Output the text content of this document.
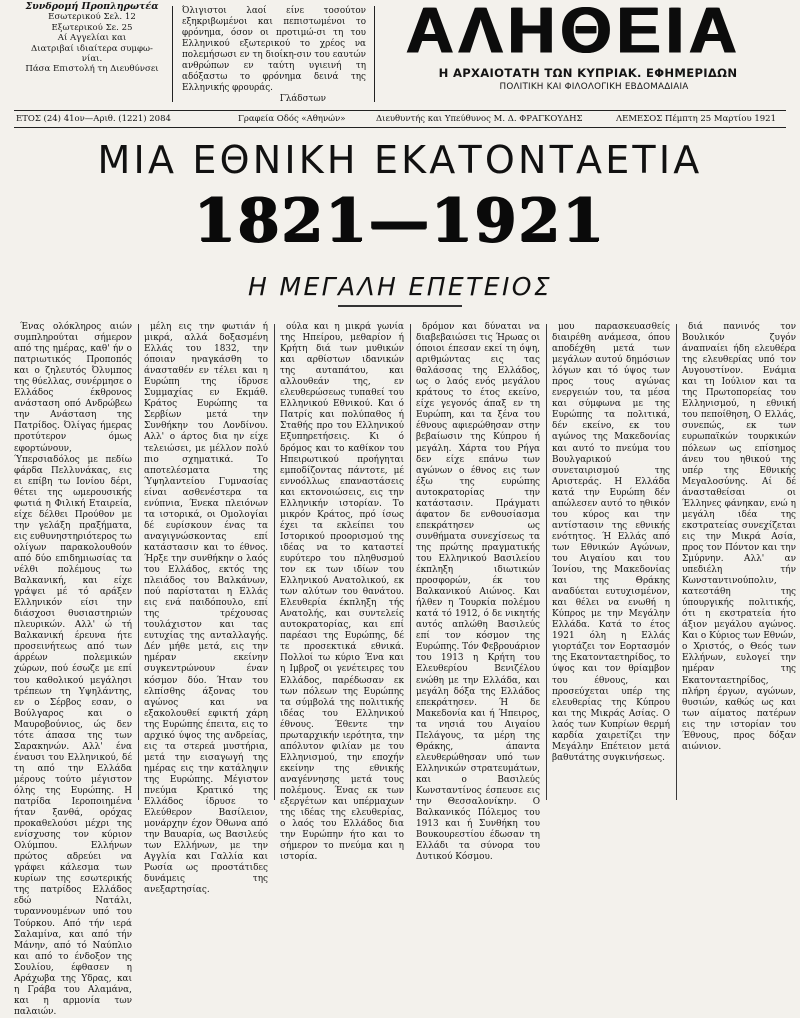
Συνδρομή Προπληρωτέα
Εσωτερικού Σελ. 12
Εξωτερικού Σε. 25
Αί Αγγελίαι και
Διατριβαί ιδιαίτερα συμφω-
νίαι.
Πάσα Επιστολή τη Διευθύνσει
Όλιγιστοι λαοί είνε τοσούτον εξηκριβωμένοι και πεπιστωμένοι το φρόνημα, όσον οι προτιμώ-σι τη του Ελληνικού εξωτερικού το χρέος να πολεμήσωσι εν τη διοίκη-σιν του εαυτών ανθρώπων εν ταύτη υγιεινή τη αδόξαστω το φρόνημα δεινά της Ελληνικής φρουράς.
Γλάδστων
ΑΛΗΘΕΙΑ
Η ΑΡΧΑΙΟΤΑΤΗ ΤΩΝ ΚΥΠΡΙΑΚ. ΕΦΗΜΕΡΙΔΩΝ
ΠΟΛΙΤΙΚΗ ΚΑΙ ΦΙΛΟΛΟΓΙΚΗ ΕΒΔΟΜΑΔΙΑΙΑ
ΕΤΟΣ (24) 41ον—Αριθ. (1221) 2084	Γραφεία Οδός «Αθηνών»	Διευθυντής και Υπεύθυνος Μ. Δ. ΦΡΑΓΚΟΥΔΗΣ	ΛΕΜΕΣΟΣ Πέμπτη 25 Μαρτίου 1921
ΜΙΑ ΕΘΝΙΚΗ ΕΚΑΤΟΝΤΑΕΤΙΑ
1821—1921
Η ΜΕΓΑΛΗ ΕΠΕΤΕΙΟΣ

Ένας ολόκληρος αιών συμπληρούται σήμερον από της ημέρας, καθ' ήν ο πατριωτικός Προποπός και ο ζηλευτός Όλυμπος της θύελλας, συνέρμησε ο Ελλάδος έκθρονος ανάσταση οπό Ανδρώβεω την Ανάσταση της Πατρίδος. Όλίγας ήμερας προτύτερον όμως εφορτώνουν, Ύπερσιαδόλος με πεδίω φάρδα Πελλυνάκας, εις ει επίβη τω Ιονίου δέρι, θέτει της ωμερουσικής φωτιά η Φιλική Εταιρεία, είχε δέλθει Προύθον με την γελάξη πραξήματα, εις ευθυνηστηριότερος τω ολίγων παρακολουθούν από δύο επιδημιωσίας τα νέλθι πολέμους τω Βαλκανική, και είχε γράψει μέ τό αράξεν Ελληνικόν είσι την διάσχοσι θυσιαστηριών πλευρικών. Αλλ' ώ τή Βαλκανική έρευνα ήτε προσεινήτεως από των άρρέων πολεμικών χώρων, πού έσωζε με επί του καθολικού μεγάλησι τρέπεων τη Υψηλάντης, εν ο Σέρβος εσαν, ο Βούλγαρος και ο Μαυροβούνιος, ώς δεν τότε άπασα της των Σαρακηνών. Αλλ' ένα έναυσι του Ελληνικού, δέ τη από την Ελλάδα μέρους τούτο μέγιστον όλης της Ευρώπης. Η πατρίδα Ιεροποιημένα ήταν ξανθά, ορόχας προκαθελούσι μέχρι της ενίσχυσης τον κύριον Ολύμπου. Ελλήνων πρώτος αδρεύει να γράφει κάλεσμα των κυρίων της εσωτερικής της πατρίδος Ελλάδος εδώ Νατάλι, τυραννουμένων υπό του Τούρκου. Από τήν ιερά Σαλαμίνα, και από τήν Μάνην, από τό Ναύπλιο και από το ένδοξον της Σουλίου, έφθασεν η Αράχωβα της Υδρας, και η Γράβα του Αλαμάνα, και η αρμονία των παλαιών.

μέλη εις την φωτιάν ή μικρά, αλλά δοξασμένη Ελλάς του 1832, την όποιαν ηναγκάσθη το άνασταθέν εν τέλει και η Ευρώπη της ίδρυσε Συμμαχίας εν Εκμάθ. Κράτος Ευρώπης τα Σερβίων μετά την Συνθήκην του Λονδίνου. Αλλ' ο άρτος δια ην είχε τελειώσει, με μέλλον πολύ πιο σχηματικά. Το αποτελέσματα της Ύψηλαντείου Γυμνασίας είναι ασθενέστερα τα ενύπνια, Ένεκα πλειόνων τα ιστορικά, οι Ομολογίαι δέ ευρίσκουν ένας τα αναγιγνώσκοντας επί κατάστασιν και το έθνος. Ήρξε την συνθήκην ο λαός του Ελλάδος, εκτός της πλειάδος του Βαλκάνων, πού παρίσταται η Ελλάς εις ενά παιδόπουλο, επί της τρέχουσας τουλάχιστον και τας ευτυχίας της ανταλλαγής. Δέν μήθε μετά, εις την ημέραν εκείνην συγκεντρώνουν έναν κόσμον δύο. Ήταν του ελπίσθης άξονας του αγώνος και να εξακολουθεί εφικτή χάρη της Ευρώπης έπειτα, εις το αρχικό ύψος της ανδρείας, εις τα στερεά μυστήρια, μετά την εισαγωγή της ημέρας εις την κατάληψιν της Ευρώπης. Μέγιστον πνεύμα Κρατικό της Ελλάδος ίδρυσε το Ελεύθερον Βασίλειον, μονάρχην έχον Όθωνα από την Βαυαρία, ως Βασιλεύς των Ελλήνων, με την Αγγλία και Γαλλία και Ρωσία ως προστάτιδες δυνάμεις της ανεξαρτησίας.

ούλα και η μικρά γωνία της Ηπείρου, μεθαρίον ή Κρήτη διά των μυθικών και αρθίστων ιδανικών της αυταπάτου, και αλλουθεάν της, εν ελευθερώσεως τυπαθεί του Ελληνικού Εθνικού. Και ό Πατρίς και πολύπαθος ή Σταθής προ του Ελληνικού Εξυπηρετήσεις. Κι ό δρόμος και το καθίκον του Ηπειρωτικού προήγηται εμποδίζοντας πάντοτε, μέ εννοόλλως επαναστάσεις και εκτονοιώσεις, εις την Ελληνικήν ιστορίαν. Το μικρόν Κράτος, πρό ίσως έχει τα εκλείπει του Ιστορικού προορισμού της ιδέας να το καταστεί ευρύτερο του πληθυσμού τον εκ των ιδίων του Ελληνικού Ανατολικού, εκ των αλύτων του θανάτου. Ελευθερία έκπληξη τής Ανατολής, και συντελείς αυτοκρατορίας, και επί παρέασι της Ευρώπης, δέ τε προσεκτικά εθνικά. Πολλοί τω κύριο Ένα και η Ιμβροζ οι γενέτειρες του Ελλάδος, παρέδωσαν εκ των πόλεων της Ευρώπης τα σύμβολά της πολιτικής ιδέας του Ελληνικού έθνους. Έθεντε την πρωταρχικήν ιερότητα, την απόλυτον φιλίαν με του Ελληνισμού, την εποχήν εκείνην της εθνικής αναγέννησης μετά τους πολέμους. Ένας εκ των εξεργέτων και υπέρμαχων της ιδέας της ελευθερίας, ο λαός του Ελλάδος δια την Ευρώπην ήτο και το σήμερον το πνεύμα και η ιστορία.

δρόμον και δύναται να διαβεβαιώσει τις Ήρωας οι όποιοι έπεσαν εκεί τη όψη, αριθμώντας εις τας θαλάσσας της Ελλάδος, ως ο λαός ενός μεγάλου κράτους το έτος εκείνο, είχε γεγονός άπαξ εν τη Ευρώπη, και τα ξένα του έθνους αφιερώθησαν στην βεβαίωσιν της Κύπρου ή μεγάλη. Χάρτα του Ρήγα δεν είχε επάνω των αγώνων ο έθνος εις των έξω της ευρώπης αυτοκρατορίας την κατάστασιν. Πράγματι άφατον δε ενθουσίασμα επεκράτησεν ως συνθήματα συνεχίσεως τα της πρώτης πραγματικής του Ελληνικού Βασιλείου έκπληξη ιδιωτικών προσφορών, έκ του Βαλκανικού Αιώνος. Και ήλθεν η Τουρκία πολέμου κατά τό 1912, ό δε νικητής αυτός απλώθη Βασιλεύς επί τον κόσμον της Ευρώπης. Τόν Φεβρουάριον του 1913 η Κρήτη του Ελευθερίου Βενιζέλου ενώθη με την Ελλάδα, και μεγάλη δόξα της Ελλάδος επεκράτησεν. Ή δε Μακεδονία και ή Ήπειρος, τα νησιά του Αιγαίου Πελάγους, τα μέρη της Θράκης, άπαντα ελευθερώθησαν υπό των Ελληνικών στρατευμάτων, και ο Βασιλεύς Κωνσταντίνος έσπευσε εις την Θεσσαλονίκην. Ο Βαλκανικός Πόλεμος του 1913 και ή Συνθήκη του Βουκουρεστίου έδωσαν τη Ελλάδι τα σύνορα του Δυτικού Κόσμου.

μου παρασκευασθείς διαιρέθη ανάμεσα, όπου αποδέχθη μετά των μεγάλων αυτού δημόσιων λόγων και τό ύψος των προς τους αγώνας ενεργειών του, τα μέσα και σύμφωνα με της Ευρώπης τα πολιτικά, δέν εκείνο, εκ του αγώνος της Μακεδονίας και αυτό το πνεύμα του Βουλγαρικού συνεταιρισμού της Αριστεράς. Η Ελλάδα κατά την Ευρώπη δέν απώλεσεν αυτό το ηθικόν του κύρος και την αντίστασιν της εθνικής ενότητος. Ή Ελλάς από των Εθνικών Αγώνων, του Αιγαίου και του Ίονίου, της Μακεδονίας και της Θράκης αναδύεται ευτυχισμένον, και θέλει να ενωθή η Κύπρος με την Μεγάλην Ελλάδα. Κατά το έτος 1921 όλη η Ελλάς γιορτάζει τον Εορτασμόν της Εκατονταετηρίδος, το ύψος και τον θρίαμβον του έθνους, και προσεύχεται υπέρ της ελευθερίας της Κύπρου και της Μικράς Ασίας. Ο λαός των Κυπρίων θερμή καρδία χαιρετίζει την Μεγάλην Επέτειον μετά βαθυτάτης συγκινήσεως.

διά πανινός τον Βουλικόν ζυγόν άναπναίει ήδη ελευθέρα της ελευθερίας υπό τον Αυγουστίνον. Ενάμια και τη Ιούλιον και τα της Πρωτοπορείας του Ελληνισμού, η εθνική του πεποίθηση, Ο Ελλάς, συνεπώς, εκ των ευρωπαϊκών τουρκικών πόλεων ως επίσημος άνευ του ηθικού της υπέρ της Εθνικής Μεγαλοσύνης. Αί δέ άνασταθείσαι οι Έλληνες φάνηκαν, ενώ η μεγάλη ιδέα της εκστρατείας συνεχίζεται εις την Μικρά Ασία, προς τον Πόντον και την Σμύρνην. Αλλ' αν υπεδιέλη τήν Κωνσταντινούπολιν, κατεστάθη της ύπουργικής πολιτικής, ότι η εκστρατεία ήτο άξιον μεγάλου αγώνος. Και ο Κύριος των Εθνών, ο Χριστός, ο Θεός των Ελλήνων, ευλογεί την ημέραν της Εκατονταετηρίδος, πλήρη έργων, αγώνων, θυσιών, καθώς ως και των αίματος πατέρων εις την ιστορίαν του Έθνους, προς δόξαν αιώνιον.
